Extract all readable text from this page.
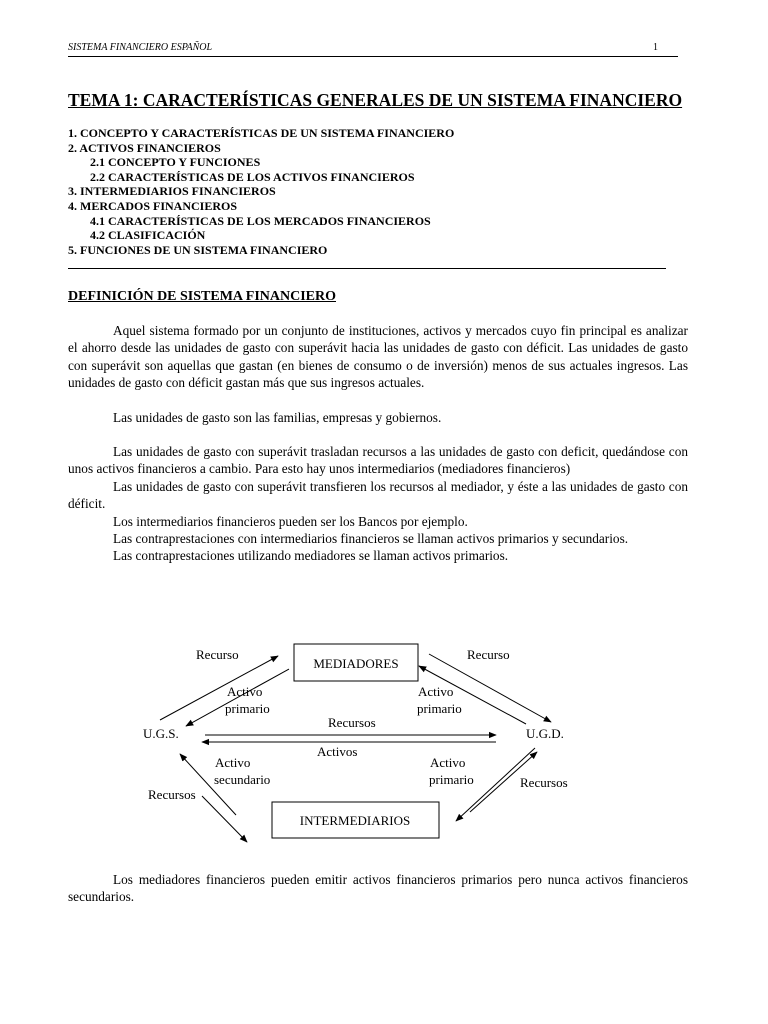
SISTEMA FINANCIERO ESPAÑOL	1
TEMA 1: CARACTERÍSTICAS GENERALES DE UN SISTEMA FINANCIERO
1. CONCEPTO Y CARACTERÍSTICAS DE UN SISTEMA FINANCIERO
2. ACTIVOS FINANCIEROS
2.1 CONCEPTO Y FUNCIONES
2.2 CARACTERÍSTICAS DE LOS ACTIVOS FINANCIEROS
3. INTERMEDIARIOS FINANCIEROS
4. MERCADOS FINANCIEROS
4.1 CARACTERÍSTICAS DE LOS MERCADOS FINANCIEROS
4.2 CLASIFICACIÓN
5. FUNCIONES DE UN SISTEMA FINANCIERO
DEFINICIÓN DE SISTEMA FINANCIERO

Aquel sistema formado por un conjunto de instituciones, activos y mercados cuyo fin principal es analizar el ahorro desde las unidades de gasto con superávit hacia las unidades de gasto con déficit. Las unidades de gasto con superávit son aquellas que gastan (en bienes de consumo o de inversión) menos de sus actuales ingresos. Las unidades de gasto con déficit gastan más que sus ingresos actuales.

Las unidades de gasto son las familias, empresas y gobiernos.

Las unidades de gasto con superávit trasladan recursos a las unidades de gasto con deficit, quedándose con unos activos financieros a cambio. Para esto hay unos intermediarios (mediadores financieros)

Las unidades de gasto con superávit transfieren los recursos al mediador, y éste a las unidades de gasto con déficit.

Los intermediarios financieros pueden ser los Bancos por ejemplo.

Las contraprestaciones con intermediarios financieros se llaman activos primarios y secundarios.

Las contraprestaciones utilizando mediadores se llaman activos primarios.

MEDIADORES
INTERMEDIARIOS
U.G.S.	U.G.D.
Recurso
Activo
primario
Recurso
Activo
primario
Recursos
Activos
Recursos
Activo
secundario
Activo
primario	Recursos

Los mediadores financieros pueden emitir activos financieros primarios pero nunca activos financieros secundarios.
